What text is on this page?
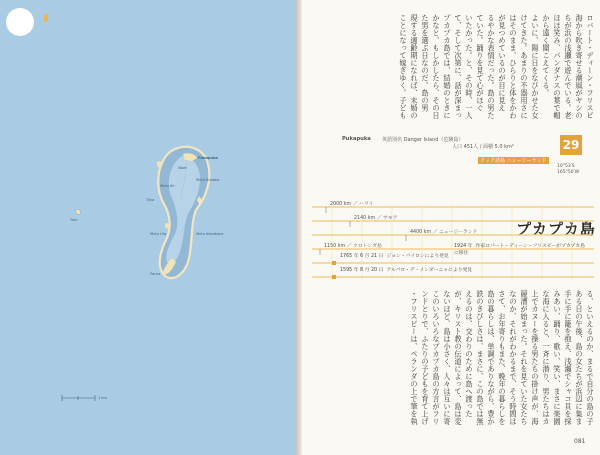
Pukapuka
Wale
Motu Kotawa
Motu Ko
Toka
Motu Uta	Motu Kavakava
Parua
Yato
1 km
ロバート・ディーン・フリスビ
海から吹き寄せる潮風がヤシの
ちが浜の浅瀬で遊んでいる。老
ほほ笑み、パンダナスの葉で帽
から遠く聞こえてくる。
よいに、陽に日をなびかせた女
けてきた。あまりの不器用さに
はそのまま、ひらりと体をかわ
が見つめているのが目に見え
るやかな表情だった。島の男た
ていた。踊りを見て心がほぐ
いたかった。と、その時、一人
て、そして次第に、話が深まっ
プカプカ島では、結婚のときに
かなと、もしかしたら、その日
た男を選ぶ日なのだ。島の男
現する適齢期になれば、未婚の
ことになって嫁ぎゆく。子ども
Pukapuka 英語別名 Danger Island（危険島）
人口 451人 / 面積 5.0 km²	29
クック諸島 ニュージーランド
10°53′S
165°50′W
プカプカ島
2000 km ／ ハワイ
2140 km ／ サモア
4400 km ／ ニュージーランド
1150 km ／ クロトンガ島
1765 年 6 月 21 日 ジョン・バイロンにより発見
1595 年 8 月 20 日 アルバロ・デ・メンダーニャにより発見
1924 年 作家ロバート・ディーン・フリスビーがプカプカ島に移住
る、といえるのか、まるで自分の島の子
ある日の午後、島の女たちが浜辺に集ま
手に手に籠を抱え、浅瀬でシャコ貝を採
みあい、踊り、歌い、笑い、まさに楽園
な海に入ると、一斉に潜り、男たちはカ
上でカヌーを操る男たちの掛け声が、海
競漕が始まった。それを見ていた女たち
なのか、それがわかるまで、そう時間は
さて、お年寄りもまた、晩年の暮らしを
島の暮らしは、単調でありながら、豊か
鉄のきびしさは、まさに、この島では無
えるのは、交わりのために島へ渡った
が、キリスト教の伝道によって、島は変
ないほど、島は小さく、人々は互いに寄
このいろいろなプカプカ島の方言がフリ
ンドとりで、ふたりの子どもを育て上げ
・フリスビーは、ペランダの上で筆を執
081
